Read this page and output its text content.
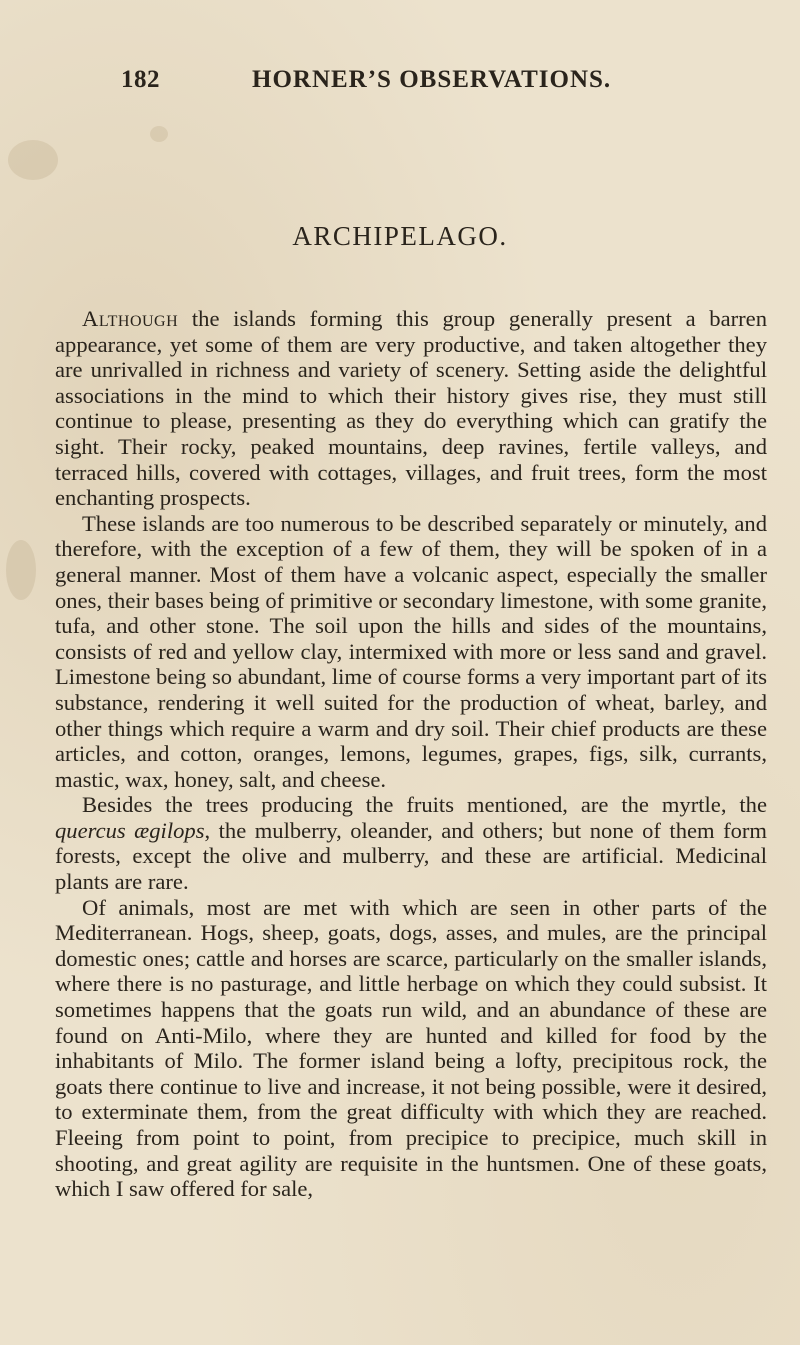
182	HORNER’S OBSERVATIONS.
ARCHIPELAGO.

Although the islands forming this group generally present a barren appearance, yet some of them are very productive, and taken altogether they are unrivalled in richness and variety of scenery. Setting aside the delightful associations in the mind to which their history gives rise, they must still continue to please, presenting as they do everything which can gratify the sight. Their rocky, peaked mountains, deep ravines, fertile valleys, and terraced hills, covered with cottages, villages, and fruit trees, form the most enchanting prospects.

These islands are too numerous to be described separately or minutely, and therefore, with the exception of a few of them, they will be spoken of in a general manner. Most of them have a volcanic aspect, especially the smaller ones, their bases being of primitive or secondary limestone, with some granite, tufa, and other stone. The soil upon the hills and sides of the mountains, consists of red and yellow clay, intermixed with more or less sand and gravel. Limestone being so abundant, lime of course forms a very important part of its substance, rendering it well suited for the production of wheat, barley, and other things which require a warm and dry soil. Their chief products are these articles, and cotton, oranges, lemons, legumes, grapes, figs, silk, currants, mastic, wax, honey, salt, and cheese.

Besides the trees producing the fruits mentioned, are the myrtle, the quercus ægilops, the mulberry, oleander, and others; but none of them form forests, except the olive and mulberry, and these are artificial. Medicinal plants are rare.

Of animals, most are met with which are seen in other parts of the Mediterranean. Hogs, sheep, goats, dogs, asses, and mules, are the principal domestic ones; cattle and horses are scarce, particularly on the smaller islands, where there is no pasturage, and little herbage on which they could subsist. It sometimes happens that the goats run wild, and an abundance of these are found on Anti-Milo, where they are hunted and killed for food by the inhabitants of Milo. The former island being a lofty, precipitous rock, the goats there continue to live and increase, it not being possible, were it desired, to exterminate them, from the great difficulty with which they are reached. Fleeing from point to point, from precipice to precipice, much skill in shooting, and great agility are requisite in the huntsmen. One of these goats, which I saw offered for sale,
